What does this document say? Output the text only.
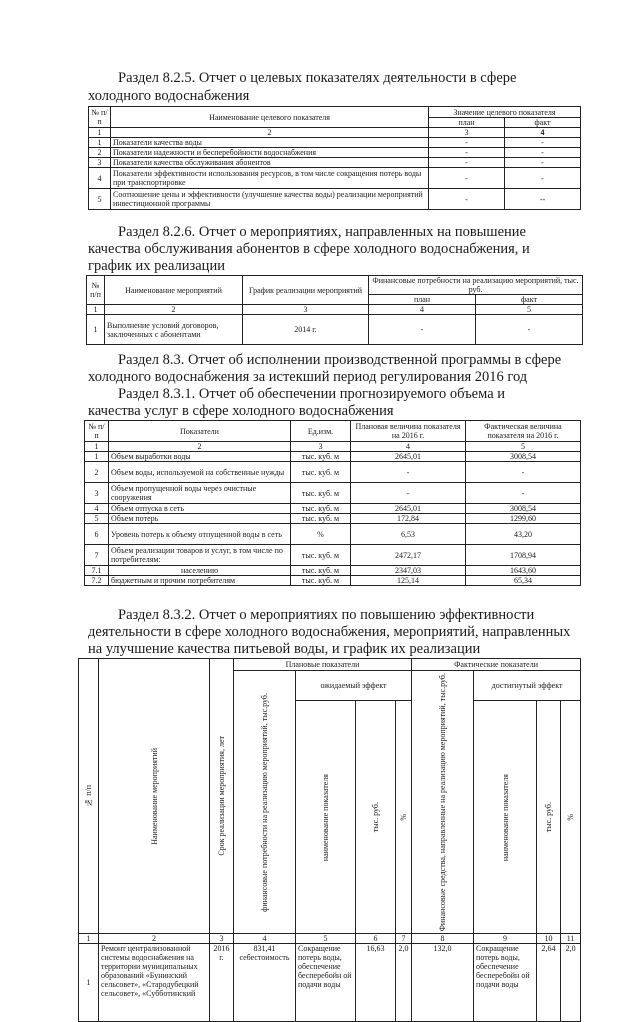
Раздел 8.2.5. Отчет о целевых показателях деятельности в сфере
холодного водоснабжения
№ п/п	Наименование целевого показателя	Значение целевого показателя	
		план	факт
1	2	3	4
1	Показатели качества воды	-	-
2	Показатели надежности и бесперебойности водоснабжения	-	-
3	Показатели качества обслуживания абонентов	-	-
4	Показатели эффективности использования ресурсов, в том числе сокращения потерь воды при транспортировке	-	-
5	Соотношение цены и эффективности (улучшение качества воды) реализации мероприятий инвестиционной программы	-	--
Раздел 8.2.6. Отчет о мероприятиях, направленных на повышение
качества обслуживания абонентов в сфере холодного водоснабжения, и
график их реализации
№ п/п	Наименование мероприятий	График реализации мероприятий	Финансовые потребности на реализацию мероприятий, тыс. руб.	
			план	факт
1	2	3	4	5
1	Выполнение условий договоров, заключенных с абонентами	2014 г.	-	-
Раздел 8.3. Отчет об исполнении производственной программы в сфере
холодного водоснабжения за истекший период регулирования 2016 год
Раздел 8.3.1. Отчет об обеспечении прогнозируемого объема и
качества услуг в сфере холодного водоснабжения
№ п/п	Показатели	Ед.изм.	Плановая величина показателя на 2016 г.	Фактическая величина показателя на 2016 г.
1	2	3	4	5
1	Объем выработки воды	тыс. куб. м	2645,01	3008,54
2	Объем воды, используемой на собственные нужды	тыс. куб. м	-	-
3	Объем пропущенной воды через очистные сооружения	тыс. куб. м	-	-
4	Объем отпуска в сеть	тыс. куб. м	2645,01	3008,54
5	Объем потерь	тыс. куб. м	172,84	1299,60
6	Уровень потерь к объему отпущенной воды в сеть	%	6,53	43,20
7	Объем реализации товаров и услуг, в том числе по потребителям:	тыс. куб. м	2472,17	1708,94
7.1	населению	тыс. куб. м	2347,03	1643,60
7.2	бюджетным и прочим потребителям	тыс. куб. м	125,14	65,34
Раздел 8.3.2. Отчет о мероприятиях по повышению эффективности
деятельности в сфере холодного водоснабжения, мероприятий, направленных
на улучшение качества питьевой воды, и график их реализации
№ п/п	Наименование мероприятий	Срок реализации мероприятия, лет	Плановые показатели				Фактические показатели			

			финансовые потребности на реализацию мероприятий, тыс.руб.	ожидаемый эффект			Финансовые средства, направленные на реализацию мероприятий, тыс.руб.	достигнутый эффект		

				наименование показателя	тыс. руб.	%		наименование показателя	тыс. руб.	%

1	2	3	4	5	6	7	8	9	10	11
1	Ремонт централизованной системы водоснабжения на территории муниципальных образований «Бунинский сельсовет», «Стародубецкий сельсовет», «Субботинский	2016 г.	831,41 себестоимость	Сокращение потерь воды, обеспечение бесперебойн ой подачи воды	16,63	2,0	132,0	Сокращение потерь воды, обеспечение бесперебойн ой подачи воды	2,64	2,0
